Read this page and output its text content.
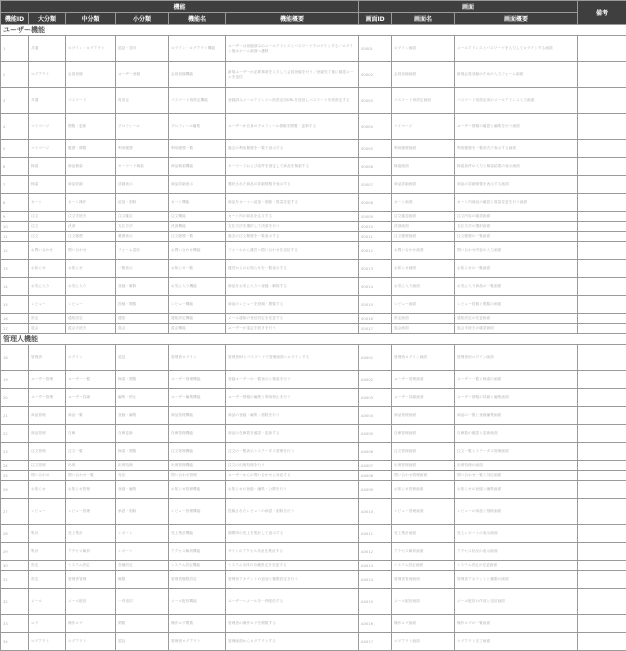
機能						画面			備考
機能ID	大分類	中分類	小分類	機能名	機能概要	画面ID	画面名	画面概要	
ユーザー機能									
1	共通	ログイン・ログアウト	認証・認可	ログイン・ログアウト機能	ユーザーは登録済みのメールアドレスとパスワードでログインする／ログイン後はホーム画面へ遷移	S0001	ログイン画面	メールアドレスとパスワードを入力してログインする画面	
2	ログアウト	会員登録	ユーザー登録	会員登録機能	新規ユーザーが必要事項を入力して会員登録を行う／登録完了後に確認メールを送信	S0002	会員登録画面	新規会員登録のための入力フォーム画面	
3	共通	パスワード	再設定	パスワード再設定機能	登録済みメールアドレスへ再設定用URLを送信しパスワードを再設定する	S0003	パスワード再設定画面	パスワード再設定用のメールアドレス入力画面	
4	マイページ	閲覧・更新	プロフィール	プロフィール編集	ユーザーが自身のプロフィール情報を閲覧・更新する	S0004	マイページ	ユーザー情報の確認と編集を行う画面	
5	マイページ	履歴・閲覧	利用履歴	利用履歴一覧	過去の利用履歴を一覧で表示する	S0005	利用履歴画面	利用履歴を一覧形式で表示する画面	
6	検索	商品検索	キーワード検索	商品検索機能	キーワードおよび条件を指定して商品を検索する	S0006	検索画面	検索条件の入力と検索結果の表示画面	
7	検索	商品詳細	詳細表示	商品詳細表示	選択された商品の詳細情報を表示する	S0007	商品詳細画面	商品の詳細情報を表示する画面	
8	カート	カート操作	追加・削除	カート機能	商品をカートへ追加・削除・数量変更する	S0008	カート画面	カート内商品の確認と数量変更を行う画面	
9	注文	注文手続き	注文確定	注文機能	カート内の商品を注文する	S0009	注文確認画面	注文内容の確認画面	
10	注文	決済	支払方法	決済機能	支払方法を選択して決済を行う	S0010	決済画面	支払方法の選択画面	
11	注文	注文履歴	履歴表示	注文履歴一覧	過去の注文履歴を一覧表示する	S0011	注文履歴画面	注文履歴の一覧画面	
12	お問い合わせ	問い合わせ	フォーム送信	お問い合わせ機能	フォームから運営へ問い合わせを送信する	S0012	お問い合わせ画面	問い合わせ内容の入力画面	
13	お知らせ	お知らせ	一覧表示	お知らせ一覧	運営からのお知らせを一覧表示する	S0013	お知らせ画面	お知らせの一覧画面	
14	お気に入り	お気に入り	登録・解除	お気に入り機能	商品をお気に入りへ登録・解除する	S0014	お気に入り画面	お気に入り商品の一覧画面	
15	レビュー	レビュー	投稿・閲覧	レビュー機能	商品のレビューを投稿・閲覧する	S0015	レビュー画面	レビュー投稿と閲覧の画面	
16	設定	通知設定	通知	通知設定機能	メール通知の受信設定を変更する	S0016	設定画面	通知設定の変更画面	
17	退会	退会手続き	退会	退会機能	ユーザーが退会手続きを行う	S0017	退会画面	退会手続きの確認画面	
管理人機能									
18	管理者	ログイン	認証	管理者ログイン	管理者IDとパスワードで管理画面へログインする	A0001	管理者ログイン画面	管理者用ログイン画面	
19	ユーザー管理	ユーザー一覧	検索・閲覧	ユーザー管理機能	登録ユーザーの一覧表示と検索を行う	A0002	ユーザー管理画面	ユーザー一覧と検索の画面	
20	ユーザー管理	ユーザー詳細	編集・停止	ユーザー編集機能	ユーザー情報の編集と利用停止を行う	A0003	ユーザー詳細画面	ユーザー情報の詳細と編集画面	
21	商品管理	商品一覧	登録・編集	商品管理機能	商品の登録・編集・削除を行う	A0004	商品管理画面	商品の一覧と登録編集画面	
22	商品管理	在庫	在庫更新	在庫管理機能	商品の在庫数を確認・更新する	A0005	在庫管理画面	在庫数の確認と更新画面	
23	注文管理	注文一覧	検索・閲覧	注文管理機能	注文の一覧表示とステータス管理を行う	A0006	注文管理画面	注文一覧とステータス管理画面	
24	注文管理	出荷	出荷処理	出荷管理機能	注文の出荷処理を行う	A0007	出荷管理画面	出荷処理の画面	
25	問い合わせ	問い合わせ一覧	対応	問い合わせ管理	ユーザーからの問い合わせに対応する	A0008	問い合わせ管理画面	問い合わせ一覧と対応画面	
26	お知らせ	お知らせ管理	登録・編集	お知らせ管理機能	お知らせの登録・編集・公開を行う	A0009	お知らせ管理画面	お知らせの登録と編集画面	
27	レビュー	レビュー管理	承認・削除	レビュー管理機能	投稿されたレビューの承認・削除を行う	A0010	レビュー管理画面	レビューの承認と削除画面	
28	集計	売上集計	レポート	売上集計機能	期間別の売上を集計して表示する	A0011	売上集計画面	売上レポートの表示画面	
29	集計	アクセス解析	レポート	アクセス解析機能	サイトのアクセス状況を集計する	A0012	アクセス解析画面	アクセス状況の表示画面	
30	設定	システム設定	各種設定	システム設定機能	システム全体の各種設定を変更する	A0013	システム設定画面	システム設定の変更画面	
31	設定	管理者管理	権限	管理者権限設定	管理者アカウントの追加と権限設定を行う	A0014	管理者管理画面	管理者アカウントと権限の画面	
32	メール	メール配信	一斉送信	メール配信機能	ユーザーへメールを一斉配信する	A0015	メール配信画面	メール配信の作成と送信画面	
33	ログ	操作ログ	閲覧	操作ログ閲覧	管理者の操作ログを閲覧する	A0016	操作ログ画面	操作ログの一覧画面	
34	ログアウト	ログアウト	認証	管理者ログアウト	管理画面からログアウトする	A0017	ログアウト画面	ログアウト完了画面	
